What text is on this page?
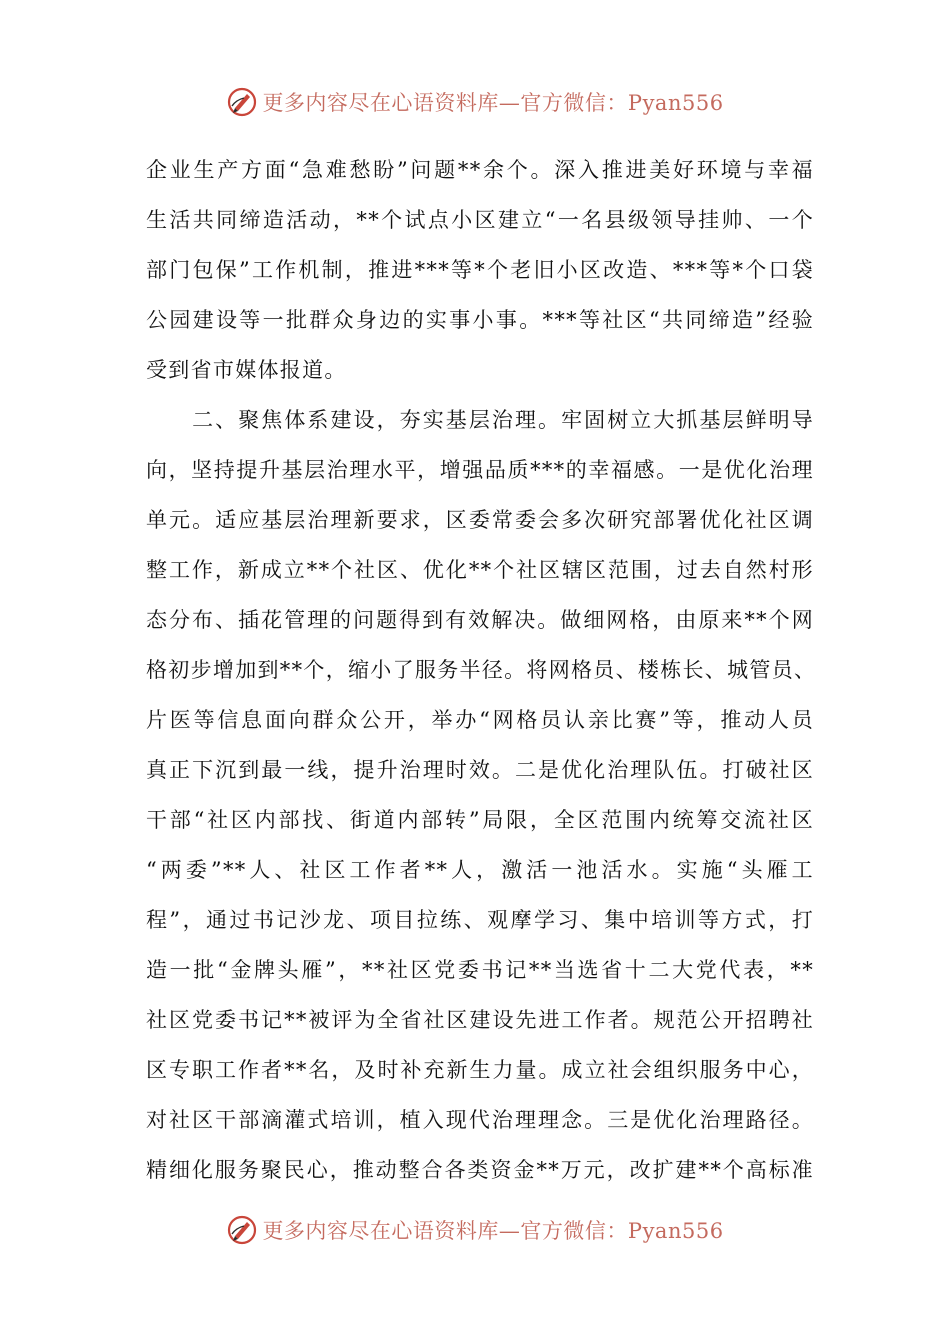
更多内容尽在心语资料库—官方微信：Pyan556
企业生产方面“急难愁盼”问题**余个。深入推进美好环境与幸福
生活共同缔造活动，**个试点小区建立“一名县级领导挂帅、一个
部门包保”工作机制，推进***等*个老旧小区改造、***等*个口袋
公园建设等一批群众身边的实事小事。***等社区“共同缔造”经验
受到省市媒体报道。
　　二、聚焦体系建设，夯实基层治理。牢固树立大抓基层鲜明导
向，坚持提升基层治理水平，增强品质***的幸福感。一是优化治理
单元。适应基层治理新要求，区委常委会多次研究部署优化社区调
整工作，新成立**个社区、优化**个社区辖区范围，过去自然村形
态分布、插花管理的问题得到有效解决。做细网格，由原来**个网
格初步增加到**个，缩小了服务半径。将网格员、楼栋长、城管员、
片医等信息面向群众公开，举办“网格员认亲比赛”等，推动人员
真正下沉到最一线，提升治理时效。二是优化治理队伍。打破社区
干部“社区内部找、街道内部转”局限，全区范围内统筹交流社区
“两委”**人、社区工作者**人，激活一池活水。实施“头雁工
程”，通过书记沙龙、项目拉练、观摩学习、集中培训等方式，打
造一批“金牌头雁”，**社区党委书记**当选省十二大党代表，**
社区党委书记**被评为全省社区建设先进工作者。规范公开招聘社
区专职工作者**名，及时补充新生力量。成立社会组织服务中心，
对社区干部滴灌式培训，植入现代治理理念。三是优化治理路径。
精细化服务聚民心，推动整合各类资金**万元，改扩建**个高标准
更多内容尽在心语资料库—官方微信：Pyan556
